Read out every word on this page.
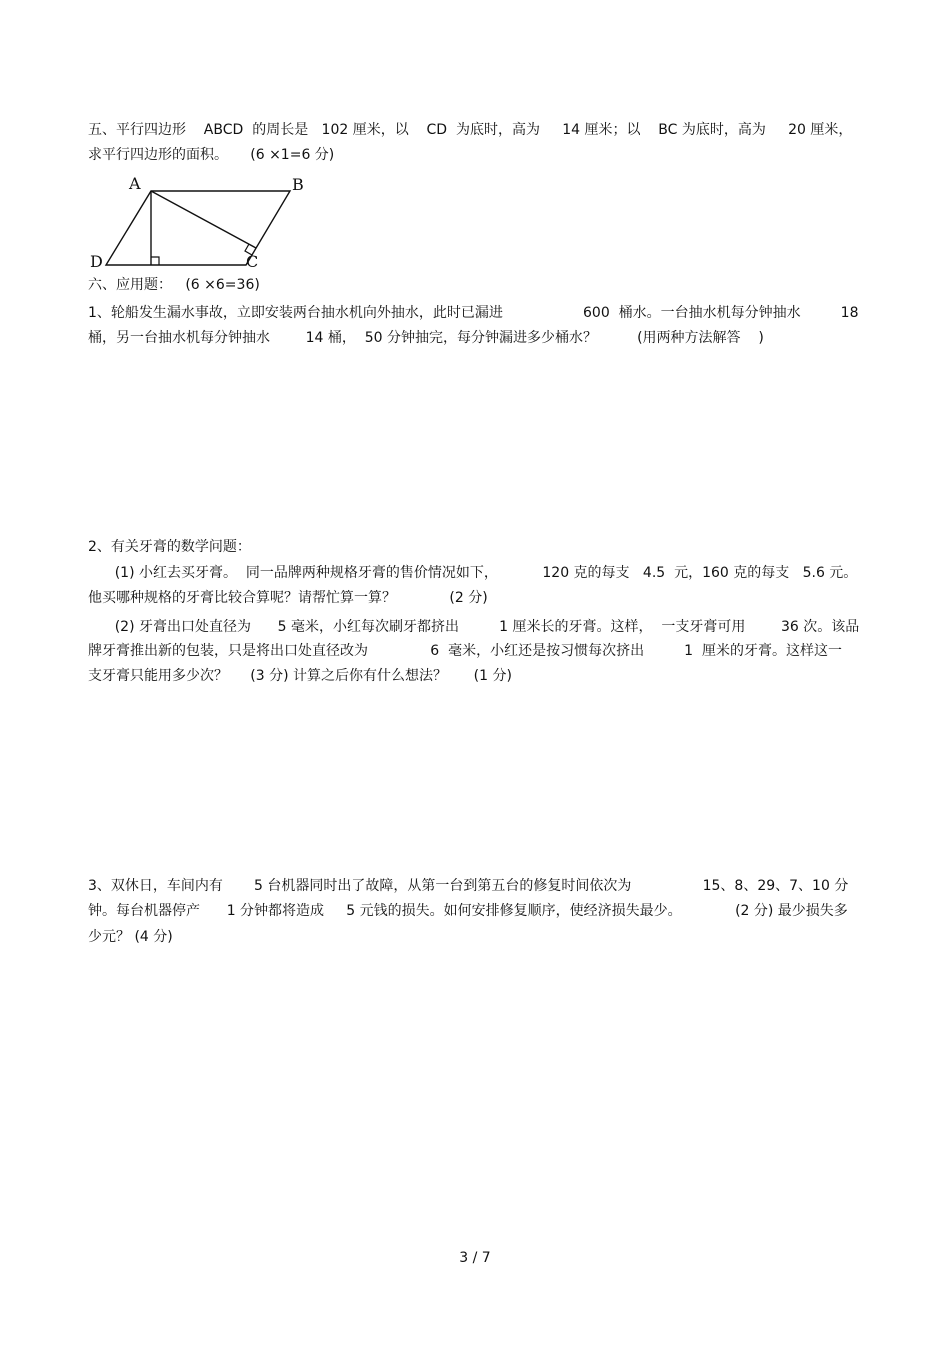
五、平行四边形    ABCD  的周长是   102 厘米，以    CD  为底时，高为     14 厘米；以    BC 为底时，高为     20 厘米，
求平行四边形的面积。     (6 ×1=6 分)
A	B
C
D
六、应用题：   (6 ×6=36)
1、轮船发生漏水事故，立即安装两台抽水机向外抽水，此时已漏进                  600  桶水。一台抽水机每分钟抽水         18
桶，另一台抽水机每分钟抽水        14 桶，  50 分钟抽完，每分钟漏进多少桶水？         (用两种方法解答    )
2、有关牙膏的数学问题：
(1) 小红去买牙膏。  同一品牌两种规格牙膏的售价情况如下，          120 克的每支   4.5  元，160 克的每支   5.6 元。
他买哪种规格的牙膏比较合算呢？请帮忙算一算？            (2 分)
(2) 牙膏出口处直径为      5 毫米，小红每次刷牙都挤出         1 厘米长的牙膏。这样，  一支牙膏可用        36 次。该品
牌牙膏推出新的包装，只是将出口处直径改为              6  毫米，小红还是按习惯每次挤出         1  厘米的牙膏。这样这一
支牙膏只能用多少次？     (3 分) 计算之后你有什么想法？      (1 分)
3、双休日，车间内有       5 台机器同时出了故障，从第一台到第五台的修复时间依次为                15、8、29、7、10 分
钟。每台机器停产      1 分钟都将造成     5 元钱的损失。如何安排修复顺序，使经济损失最少。            (2 分) 最少损失多
少元？ (4 分)
3 / 7
